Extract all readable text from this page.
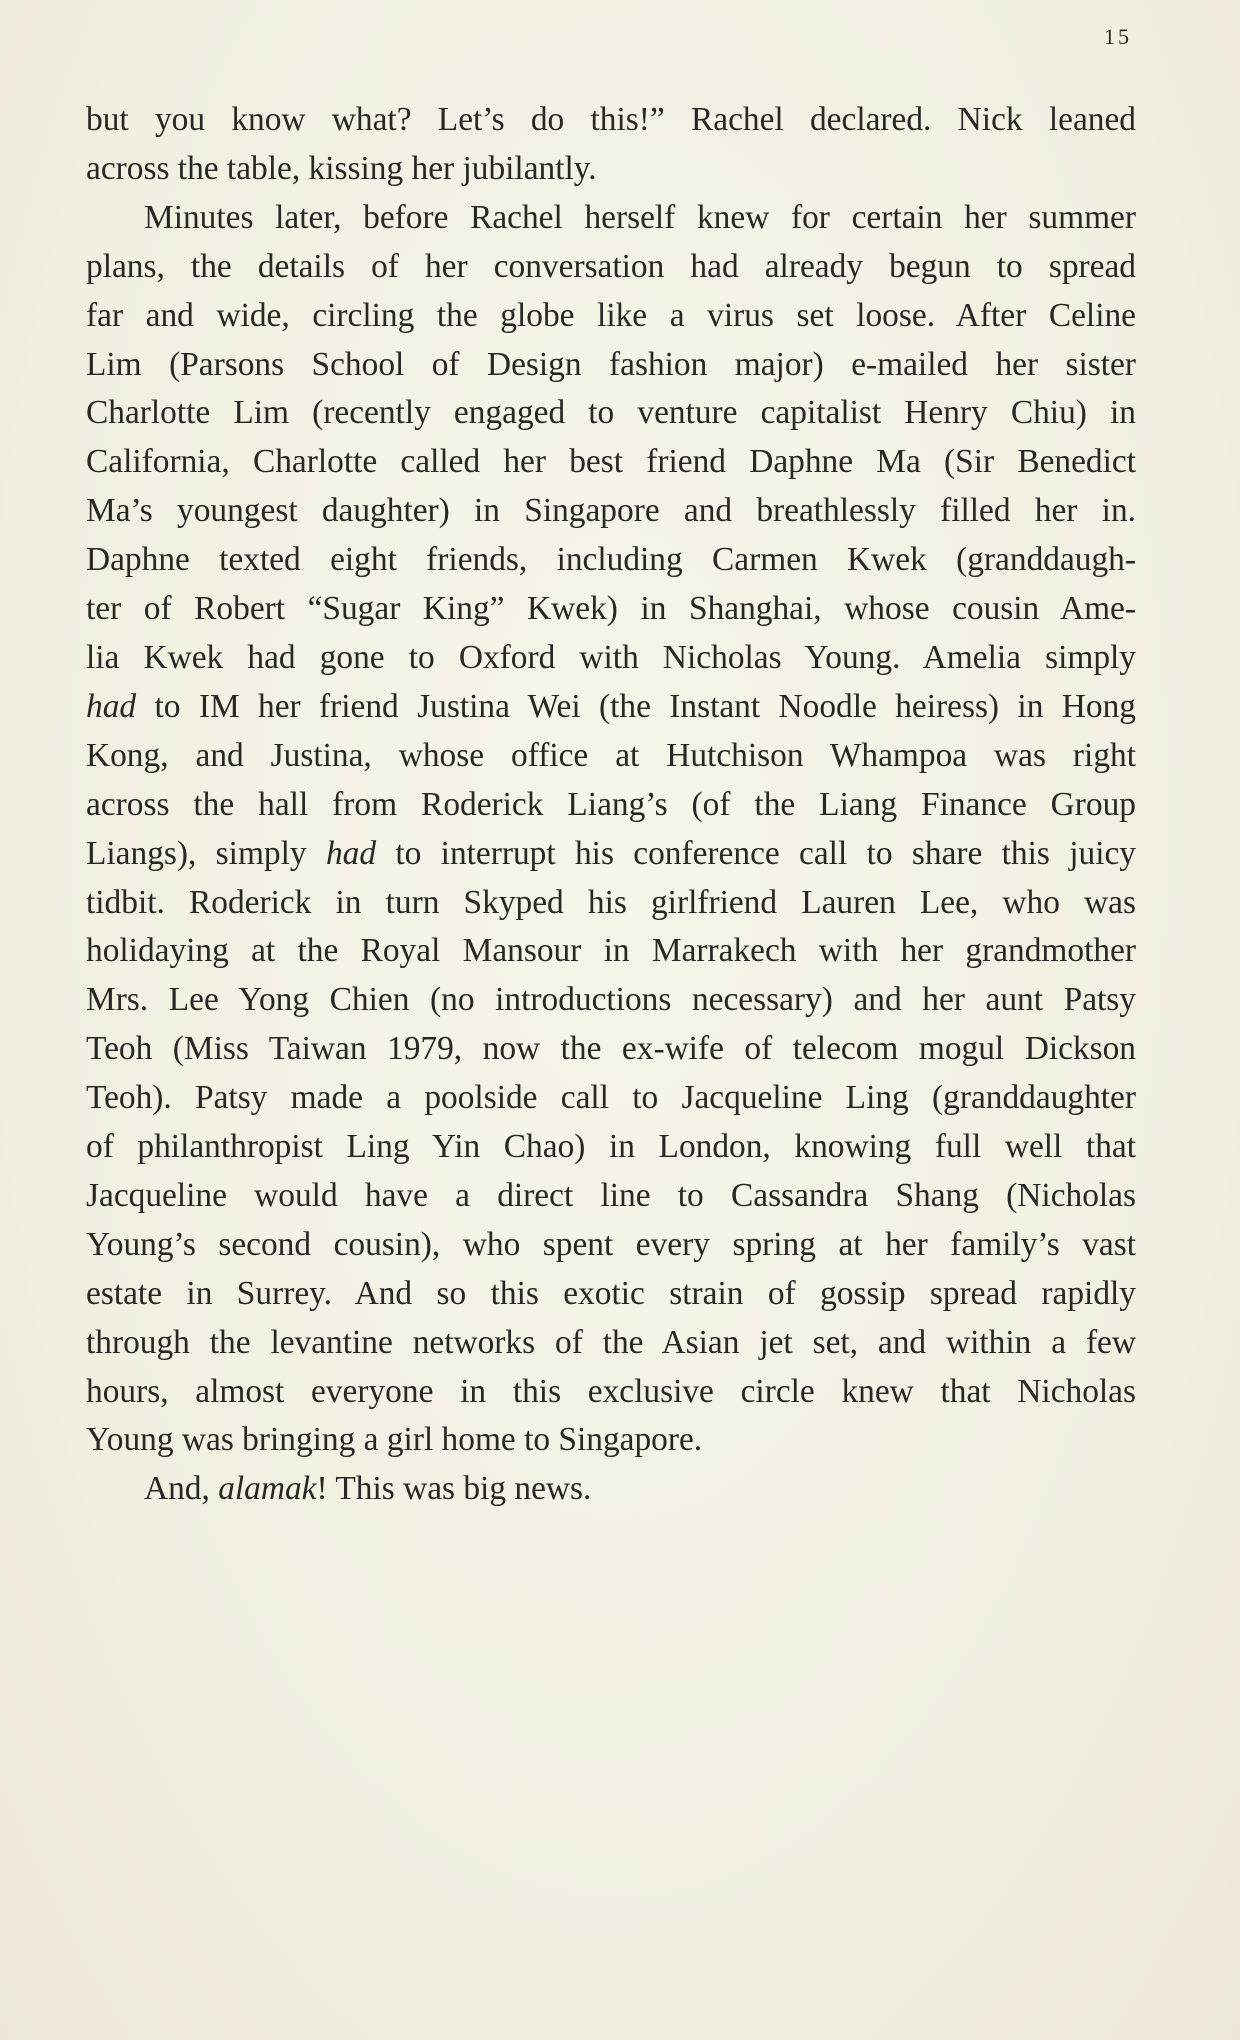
15

but you know what? Let’s do this!” Rachel declared. Nick leaned
across the table, kissing her jubilantly.

Minutes later, before Rachel herself knew for certain her summer
plans, the details of her conversation had already begun to spread
far and wide, circling the globe like a virus set loose. After Celine
Lim (Parsons School of Design fashion major) e-mailed her sister
Charlotte Lim (recently engaged to venture capitalist Henry Chiu) in
California, Charlotte called her best friend Daphne Ma (Sir Benedict
Ma’s youngest daughter) in Singapore and breathlessly filled her in.
Daphne texted eight friends, including Carmen Kwek (granddaugh-
ter of Robert “Sugar King” Kwek) in Shanghai, whose cousin Ame-
lia Kwek had gone to Oxford with Nicholas Young. Amelia simply
had to IM her friend Justina Wei (the Instant Noodle heiress) in Hong
Kong, and Justina, whose office at Hutchison Whampoa was right
across the hall from Roderick Liang’s (of the Liang Finance Group
Liangs), simply had to interrupt his conference call to share this juicy
tidbit. Roderick in turn Skyped his girlfriend Lauren Lee, who was
holidaying at the Royal Mansour in Marrakech with her grandmother
Mrs. Lee Yong Chien (no introductions necessary) and her aunt Patsy
Teoh (Miss Taiwan 1979, now the ex-wife of telecom mogul Dickson
Teoh). Patsy made a poolside call to Jacqueline Ling (granddaughter
of philanthropist Ling Yin Chao) in London, knowing full well that
Jacqueline would have a direct line to Cassandra Shang (Nicholas
Young’s second cousin), who spent every spring at her family’s vast
estate in Surrey. And so this exotic strain of gossip spread rapidly
through the levantine networks of the Asian jet set, and within a few
hours, almost everyone in this exclusive circle knew that Nicholas
Young was bringing a girl home to Singapore.

And, alamak! This was big news.
